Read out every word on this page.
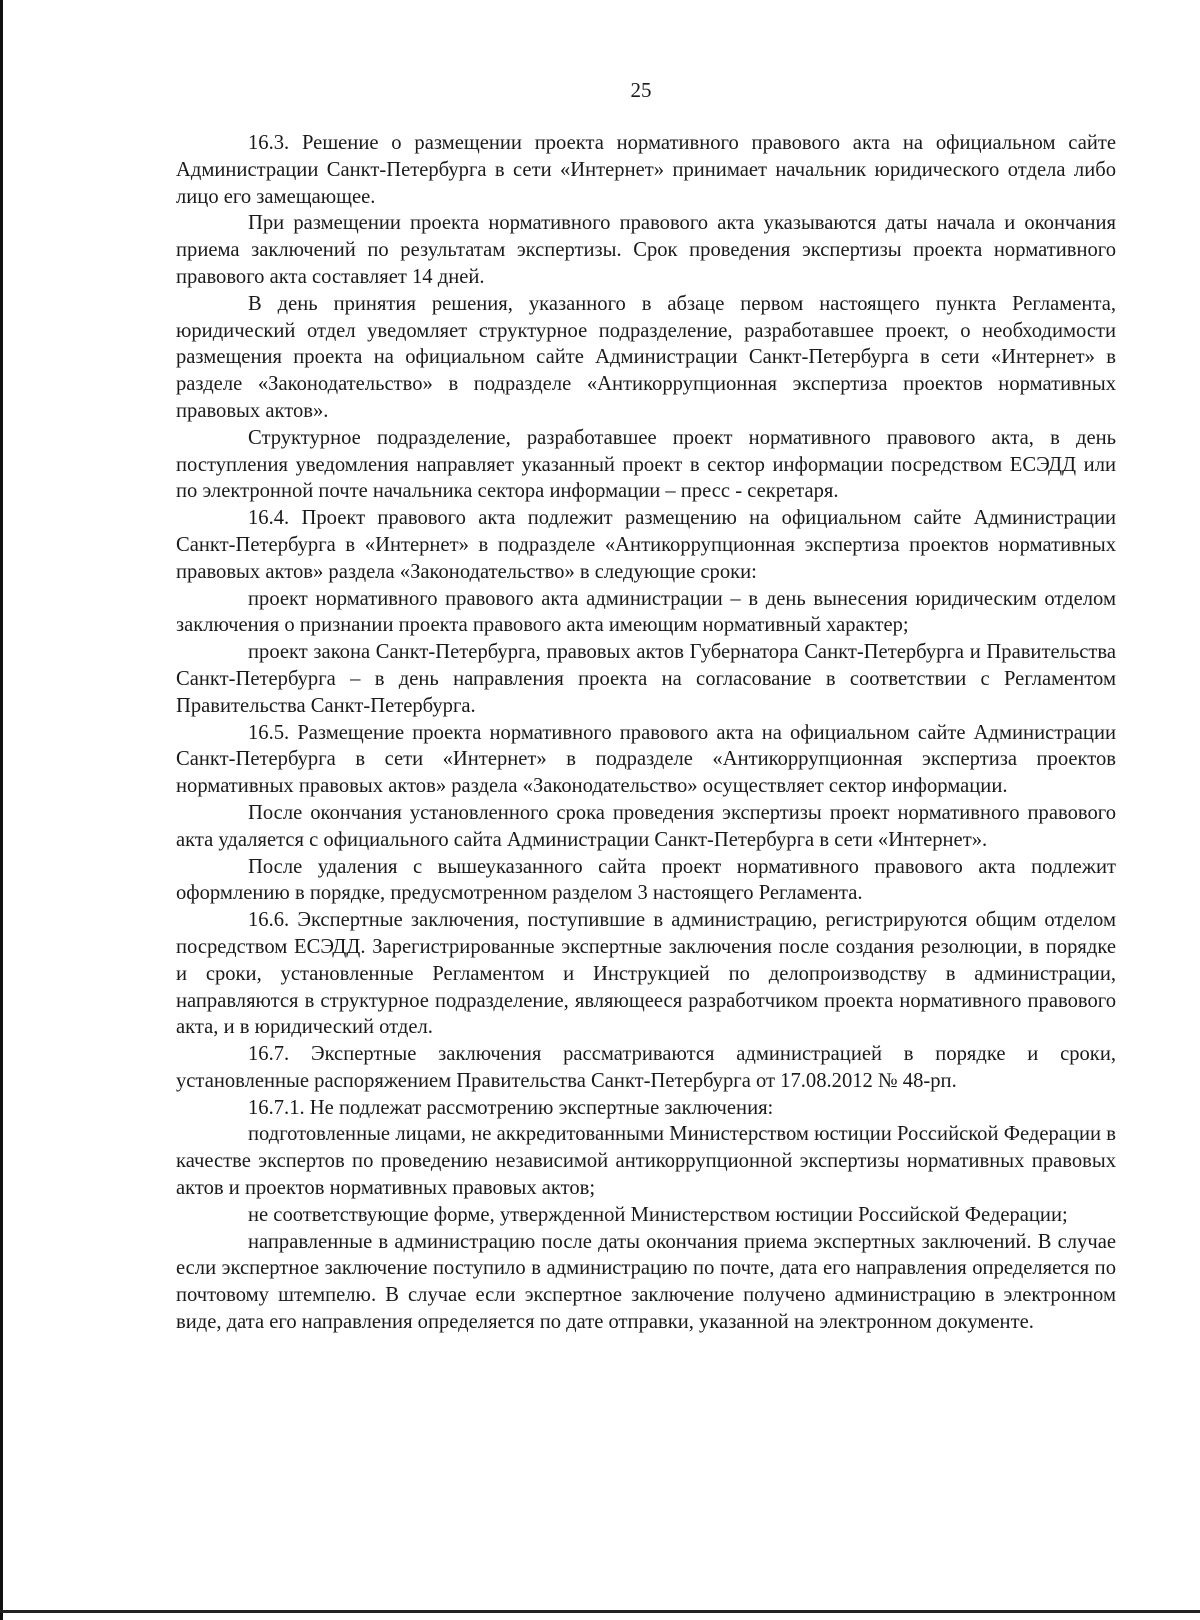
25

16.3. Решение о размещении проекта нормативного правового акта на официальном сайте Администрации Санкт-Петербурга в сети «Интернет» принимает начальник юридического отдела либо лицо его замещающее.

При размещении проекта нормативного правового акта указываются даты начала и окончания приема заключений по результатам экспертизы. Срок проведения экспертизы проекта нормативного правового акта составляет 14 дней.

В день принятия решения, указанного в абзаце первом настоящего пункта Регламента, юридический отдел уведомляет структурное подразделение, разработавшее проект, о необходимости размещения проекта на официальном сайте Администрации Санкт-Петербурга в сети «Интернет» в разделе «Законодательство» в подразделе «Антикоррупционная экспертиза проектов нормативных правовых актов».

Структурное подразделение, разработавшее проект нормативного правового акта, в день поступления уведомления направляет указанный проект в сектор информации посредством ЕСЭДД или по электронной почте начальника сектора информации – пресс - секретаря.

16.4. Проект правового акта подлежит размещению на официальном сайте Администрации Санкт-Петербурга в «Интернет» в подразделе «Антикоррупционная экспертиза проектов нормативных правовых актов» раздела «Законодательство» в следующие сроки:

проект нормативного правового акта администрации – в день вынесения юридическим отделом заключения о признании проекта правового акта имеющим нормативный характер;

проект закона Санкт-Петербурга, правовых актов Губернатора Санкт-Петербурга и Правительства Санкт-Петербурга – в день направления проекта на согласование в соответствии с Регламентом Правительства Санкт-Петербурга.

16.5. Размещение проекта нормативного правового акта на официальном сайте Администрации Санкт-Петербурга в сети «Интернет» в подразделе «Антикоррупционная экспертиза проектов нормативных правовых актов» раздела «Законодательство» осуществляет сектор информации.

После окончания установленного срока проведения экспертизы проект нормативного правового акта удаляется с официального сайта Администрации Санкт-Петербурга в сети «Интернет».

После удаления с вышеуказанного сайта проект нормативного правового акта подлежит оформлению в порядке, предусмотренном разделом 3 настоящего Регламента.

16.6. Экспертные заключения, поступившие в администрацию, регистрируются общим отделом посредством ЕСЭДД. Зарегистрированные экспертные заключения после создания резолюции, в порядке и сроки, установленные Регламентом и Инструкцией по делопроизводству в администрации, направляются в структурное подразделение, являющееся разработчиком проекта нормативного правового акта, и в юридический отдел.

16.7. Экспертные заключения рассматриваются администрацией в порядке и сроки, установленные распоряжением Правительства Санкт-Петербурга от 17.08.2012 № 48-рп.

16.7.1. Не подлежат рассмотрению экспертные заключения:

подготовленные лицами, не аккредитованными Министерством юстиции Российской Федерации в качестве экспертов по проведению независимой антикоррупционной экспертизы нормативных правовых актов и проектов нормативных правовых актов;

не соответствующие форме, утвержденной Министерством юстиции Российской Федерации;

направленные в администрацию после даты окончания приема экспертных заключений. В случае если экспертное заключение поступило в администрацию по почте, дата его направления определяется по почтовому штемпелю. В случае если экспертное заключение получено администрацию в электронном виде, дата его направления определяется по дате отправки, указанной на электронном документе.
